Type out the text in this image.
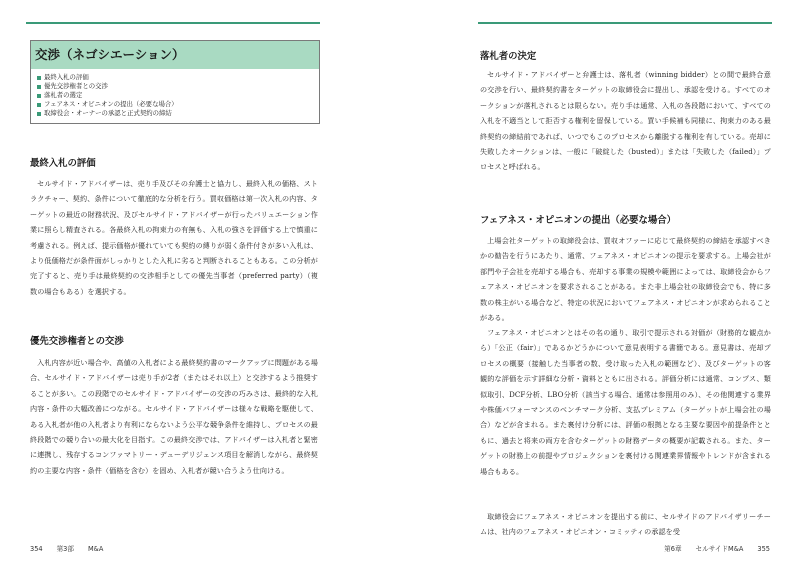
交渉（ネゴシエーション）
最終入札の評価
優先交渉権者との交渉
落札者の選定
フェアネス・オピニオンの提出（必要な場合）
取締役会・オーナーの承認と正式契約の締結
最終入札の評価

セルサイド・アドバイザーは、売り手及びその弁護士と協力し、最終入札の価格、ストラクチャー、契約、条件について徹底的な分析を行う。買収価格は第一次入札の内容、ターゲットの最近の財務状況、及びセルサイド・アドバイザーが行ったバリュエーション作業に照らし精査される。各最終入札の拘束力の有無も、入札の強さを評価する上で慎重に考慮される。例えば、提示価格が優れていても契約の縛りが弱く条件付きが多い入札は、より低価格だが条件面がしっかりとした入札に劣ると判断されることもある。この分析が完了すると、売り手は最終契約の交渉相手としての優先当事者（preferred party）（複数の場合もある）を選択する。

優先交渉権者との交渉

入札内容が近い場合や、高値の入札者による最終契約書のマークアップに問題がある場合、セルサイド・アドバイザーは売り手が2者（またはそれ以上）と交渉するよう推奨することが多い。この段階でのセルサイド・アドバイザーの交渉の巧みさは、最終的な入札内容・条件の大幅改善につながる。セルサイド・アドバイザーは様々な戦略を駆使して、ある入札者が他の入札者より有利にならないよう公平な競争条件を維持し、プロセスの最終段階での競り合いの最大化を目指す。この最終交渉では、アドバイザーは入札者と緊密に連携し、残存するコンファマトリー・デューデリジェンス項目を解消しながら、最終契約の主要な内容・条件（価格を含む）を固め、入札者が競い合うよう仕向ける。

354 第3部 M&A
落札者の決定

セルサイド・アドバイザーと弁護士は、落札者（winning bidder）との間で最終合意の交渉を行い、最終契約書をターゲットの取締役会に提出し、承認を受ける。すべてのオークションが落札されるとは限らない。売り手は通常、入札の各段階において、すべての入札を不適当として拒否する権利を留保している。買い手候補も同様に、拘束力のある最終契約の締結前であれば、いつでもこのプロセスから離脱する権利を有している。売却に失敗したオークションは、一般に「破綻した（busted）」または「失敗した（failed）」プロセスと呼ばれる。

フェアネス・オピニオンの提出（必要な場合）

上場会社ターゲットの取締役会は、買収オファーに応じて最終契約の締結を承認すべきかの勧告を行うにあたり、通常、フェアネス・オピニオンの提示を要求する。上場会社が部門や子会社を売却する場合も、売却する事業の規模や範囲によっては、取締役会からフェアネス・オピニオンを要求されることがある。また非上場会社の取締役会でも、特に多数の株主がいる場合など、特定の状況においてフェアネス・オピニオンが求められることがある。

フェアネス・オピニオンとはその名の通り、取引で提示される対価が（財務的な観点から）「公正（fair）」であるかどうかについて意見表明する書簡である。意見書は、売却プロセスの概要（接触した当事者の数、受け取った入札の範囲など）、及びターゲットの客観的な評価を示す詳細な分析・資料とともに出される。評価分析には通常、コンプス、類似取引、DCF分析、LBO分析（該当する場合、通常は参照用のみ）、その他関連する業界や株価パフォーマンスのベンチマーク分析、支払プレミアム（ターゲットが上場会社の場合）などが含まれる。また裏付け分析には、評価の根拠となる主要な要因や前提条件とともに、過去と将来の両方を含むターゲットの財務データの概要が記載される。また、ターゲットの財務上の前提やプロジェクションを裏付ける関連業界情報やトレンドが含まれる場合もある。

取締役会にフェアネス・オピニオンを提出する前に、セルサイドのアドバイザリーチームは、社内のフェアネス・オピニオン・コミッティの承認を受

第6章 セルサイドM&A 355
